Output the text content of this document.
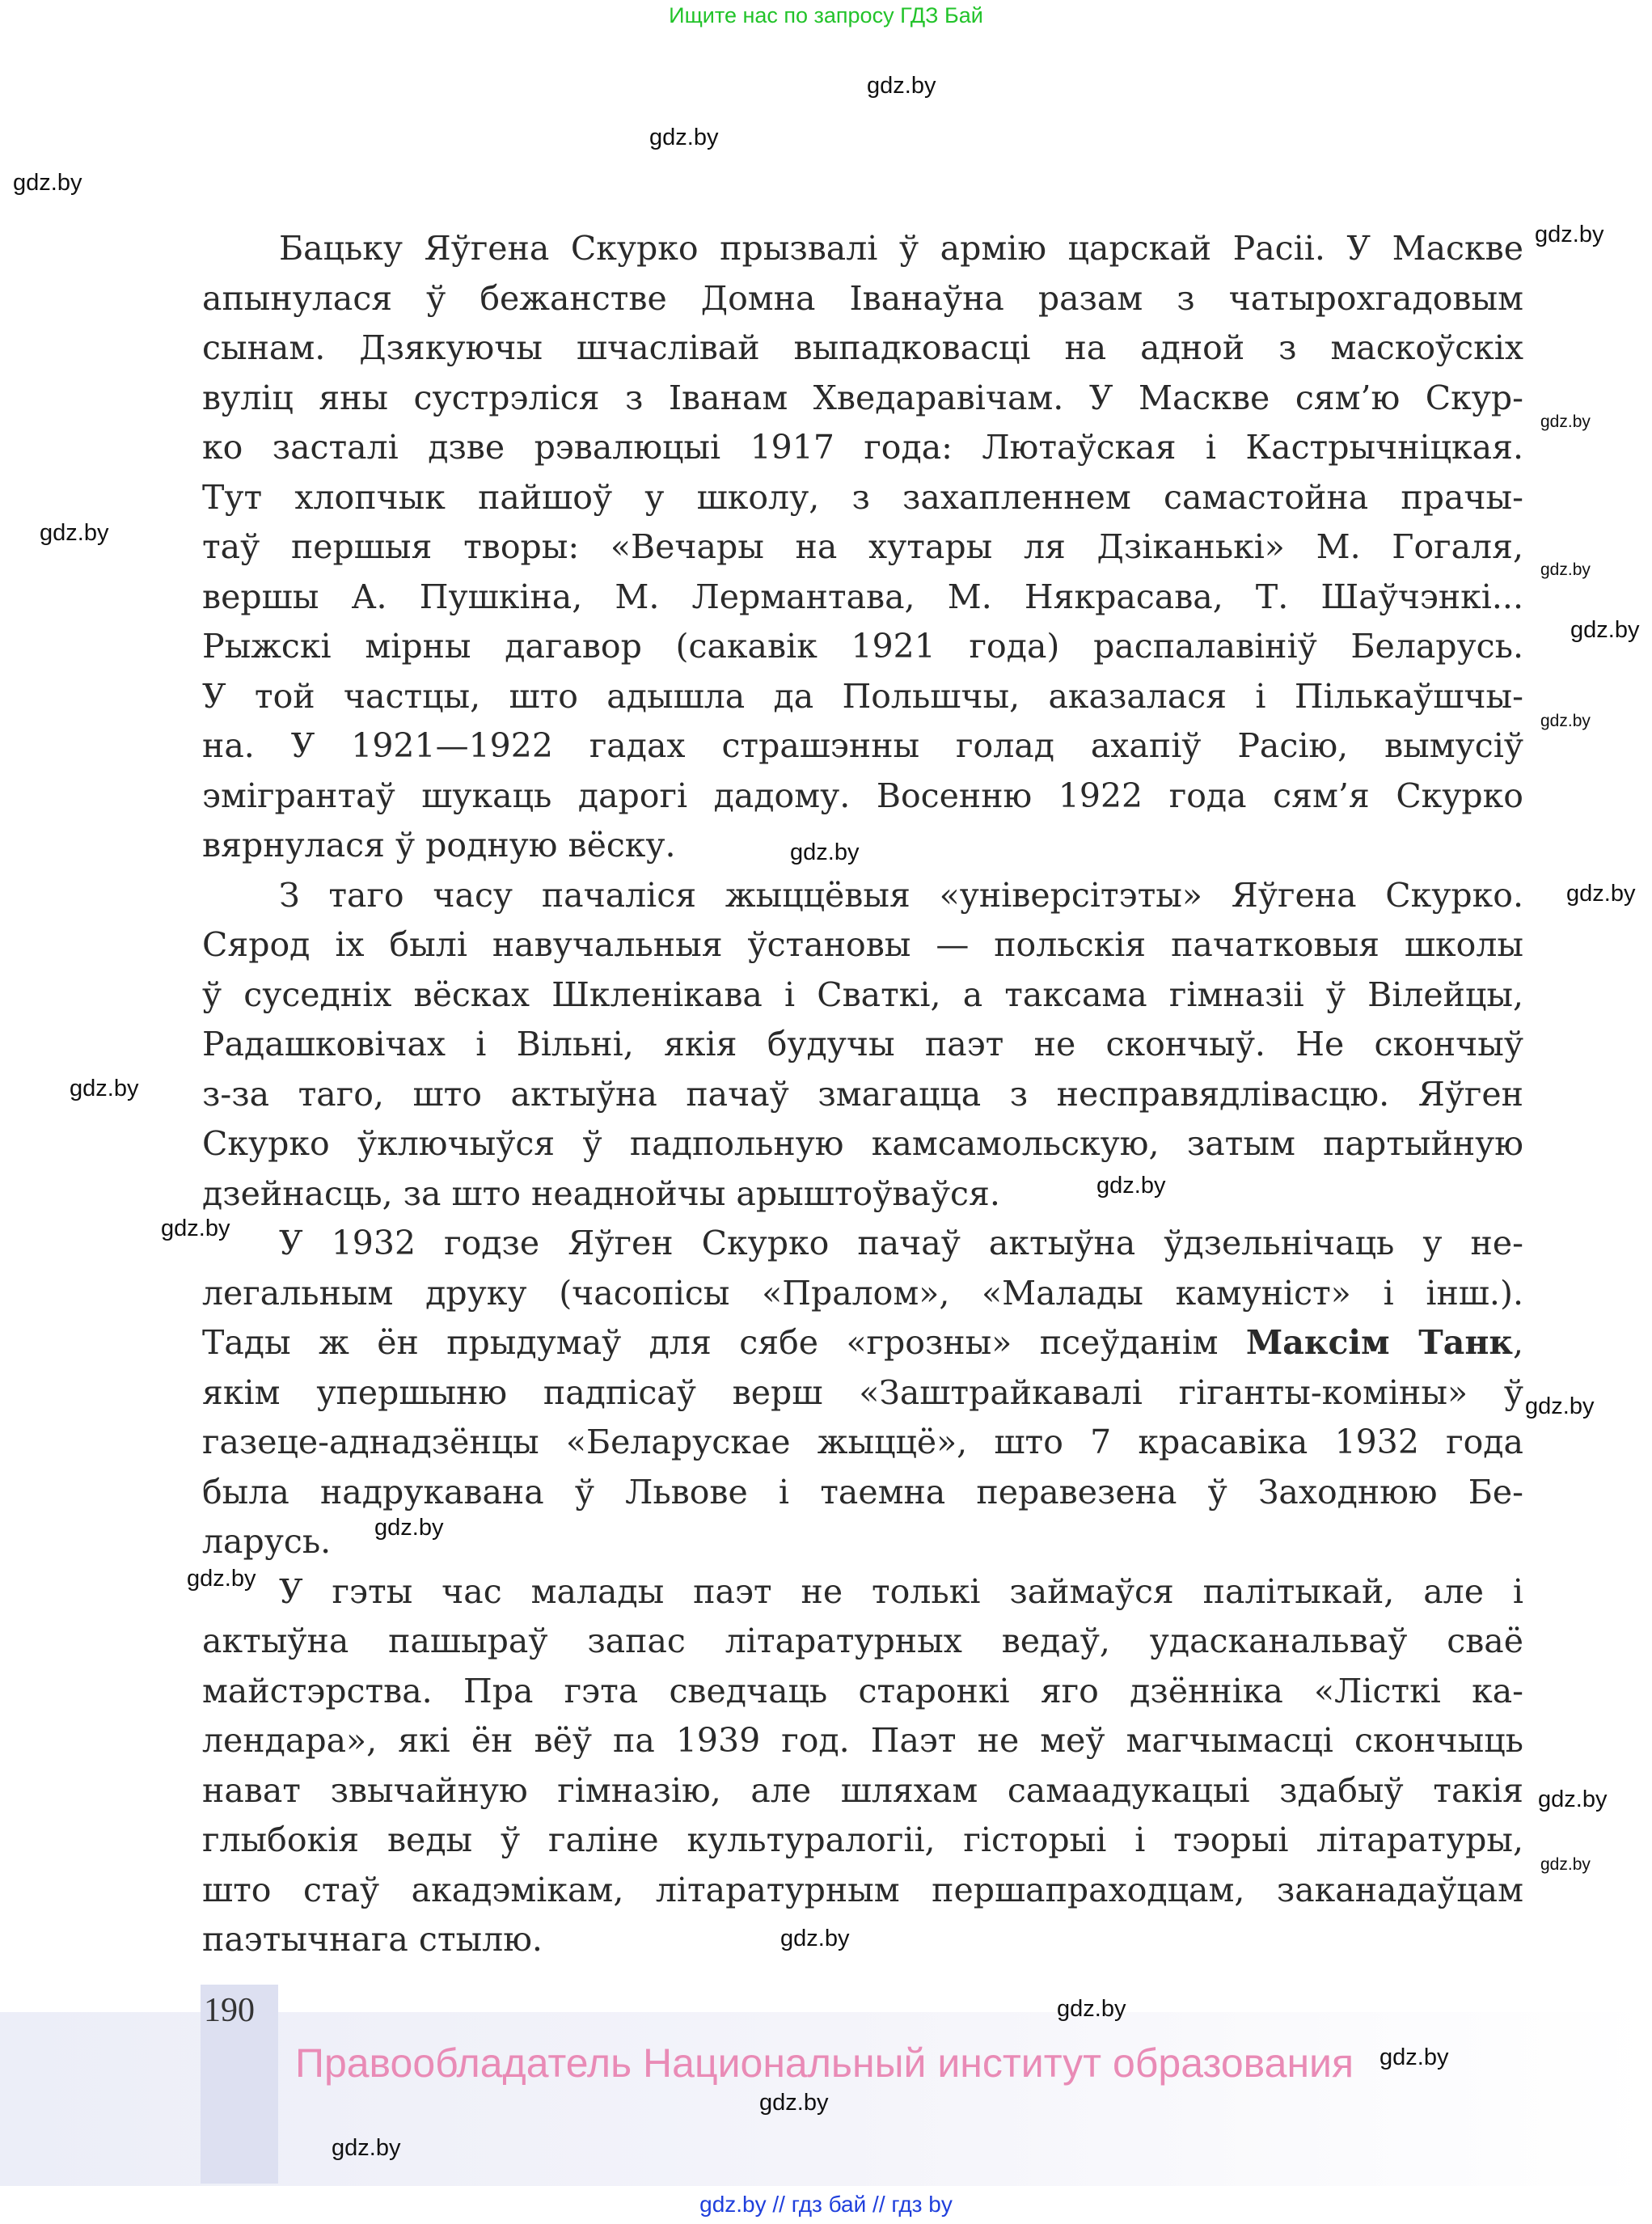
Ищите нас по запросу ГДЗ Бай
Бацьку Яўгена Скурко прызвалі ў армію царскай Расіі. У Маскве
апынулася ў бежанстве Домна Іванаўна разам з чатырохгадовым
сынам. Дзякуючы шчаслівай выпадковасці на адной з маскоўскіх
вуліц яны сустрэліся з Іванам Хведаравічам. У Маскве сям’ю Скур-
ко засталі дзве рэвалюцыі 1917 года: Лютаўская і Кастрычніцкая.
Тут хлопчык пайшоў у школу, з захапленнем самастойна прачы-
таў першыя творы: «Вечары на хутары ля Дзіканькі» М. Гогаля,
вершы А. Пушкіна, М. Лермантава, М. Някрасава, Т. Шаўчэнкі...
Рыжскі мірны дагавор (сакавік 1921 года) распалавініў Беларусь.
У той частцы, што адышла да Польшчы, аказалася і Пількаўшчы-
на. У 1921—1922 гадах страшэнны голад ахапіў Расію, вымусіў
эмігрантаў шукаць дарогі дадому. Восенню 1922 года сям’я Скурко
вярнулася ў родную вёску.
З таго часу пачаліся жыццёвыя «універсітэты» Яўгена Скурко.
Сярод іх былі навучальныя ўстановы — польскія пачатковыя школы
ў суседніх вёсках Шкленікава і Сваткі, а таксама гімназіі ў Вілейцы,
Радашковічах і Вільні, якія будучы паэт не скончыў. Не скончыў
з-за таго, што актыўна пачаў змагацца з несправядлівасцю. Яўген
Скурко ўключыўся ў падпольную камсамольскую, затым партыйную
дзейнасць, за што неаднойчы арыштоўваўся.
У 1932 годзе Яўген Скурко пачаў актыўна ўдзельнічаць у не-
легальным друку (часопісы «Пралом», «Малады камуніст» і інш.).
Тады ж ён прыдумаў для сябе «грозны» псеўданім Максім Танк,
якім упершыню падпісаў верш «Заштрайкавалі гіганты-коміны» ў
газеце-аднадзёнцы «Беларускае жыццё», што 7 красавіка 1932 года
была надрукавана ў Львове і таемна перавезена ў Заходнюю Бе-
ларусь.
У гэты час малады паэт не толькі займаўся палітыкай, але і
актыўна пашыраў запас літаратурных ведаў, удасканальваў сваё
майстэрства. Пра гэта сведчаць старонкі яго дзённіка «Лісткі ка-
лендара», які ён вёў па 1939 год. Паэт не меў магчымасці скончыць
нават звычайную гімназію, але шляхам самаадукацыі здабыў такія
глыбокія веды ў галіне культуралогіі, гісторыі і тэорыі літаратуры,
што стаў акадэмікам, літаратурным першапраходцам, заканадаўцам
паэтычнага стылю.
gdz.by
gdz.by
gdz.by
gdz.by
gdz.by
gdz.by
gdz.by
gdz.by
gdz.by
gdz.by
gdz.by
gdz.by
gdz.by
gdz.by
gdz.by
gdz.by
gdz.by
gdz.by
gdz.by
gdz.by
190
Правообладатель Национальный институт образования
gdz.by
gdz.by
gdz.by
gdz.by
gdz.by // гдз бай // гдз by
